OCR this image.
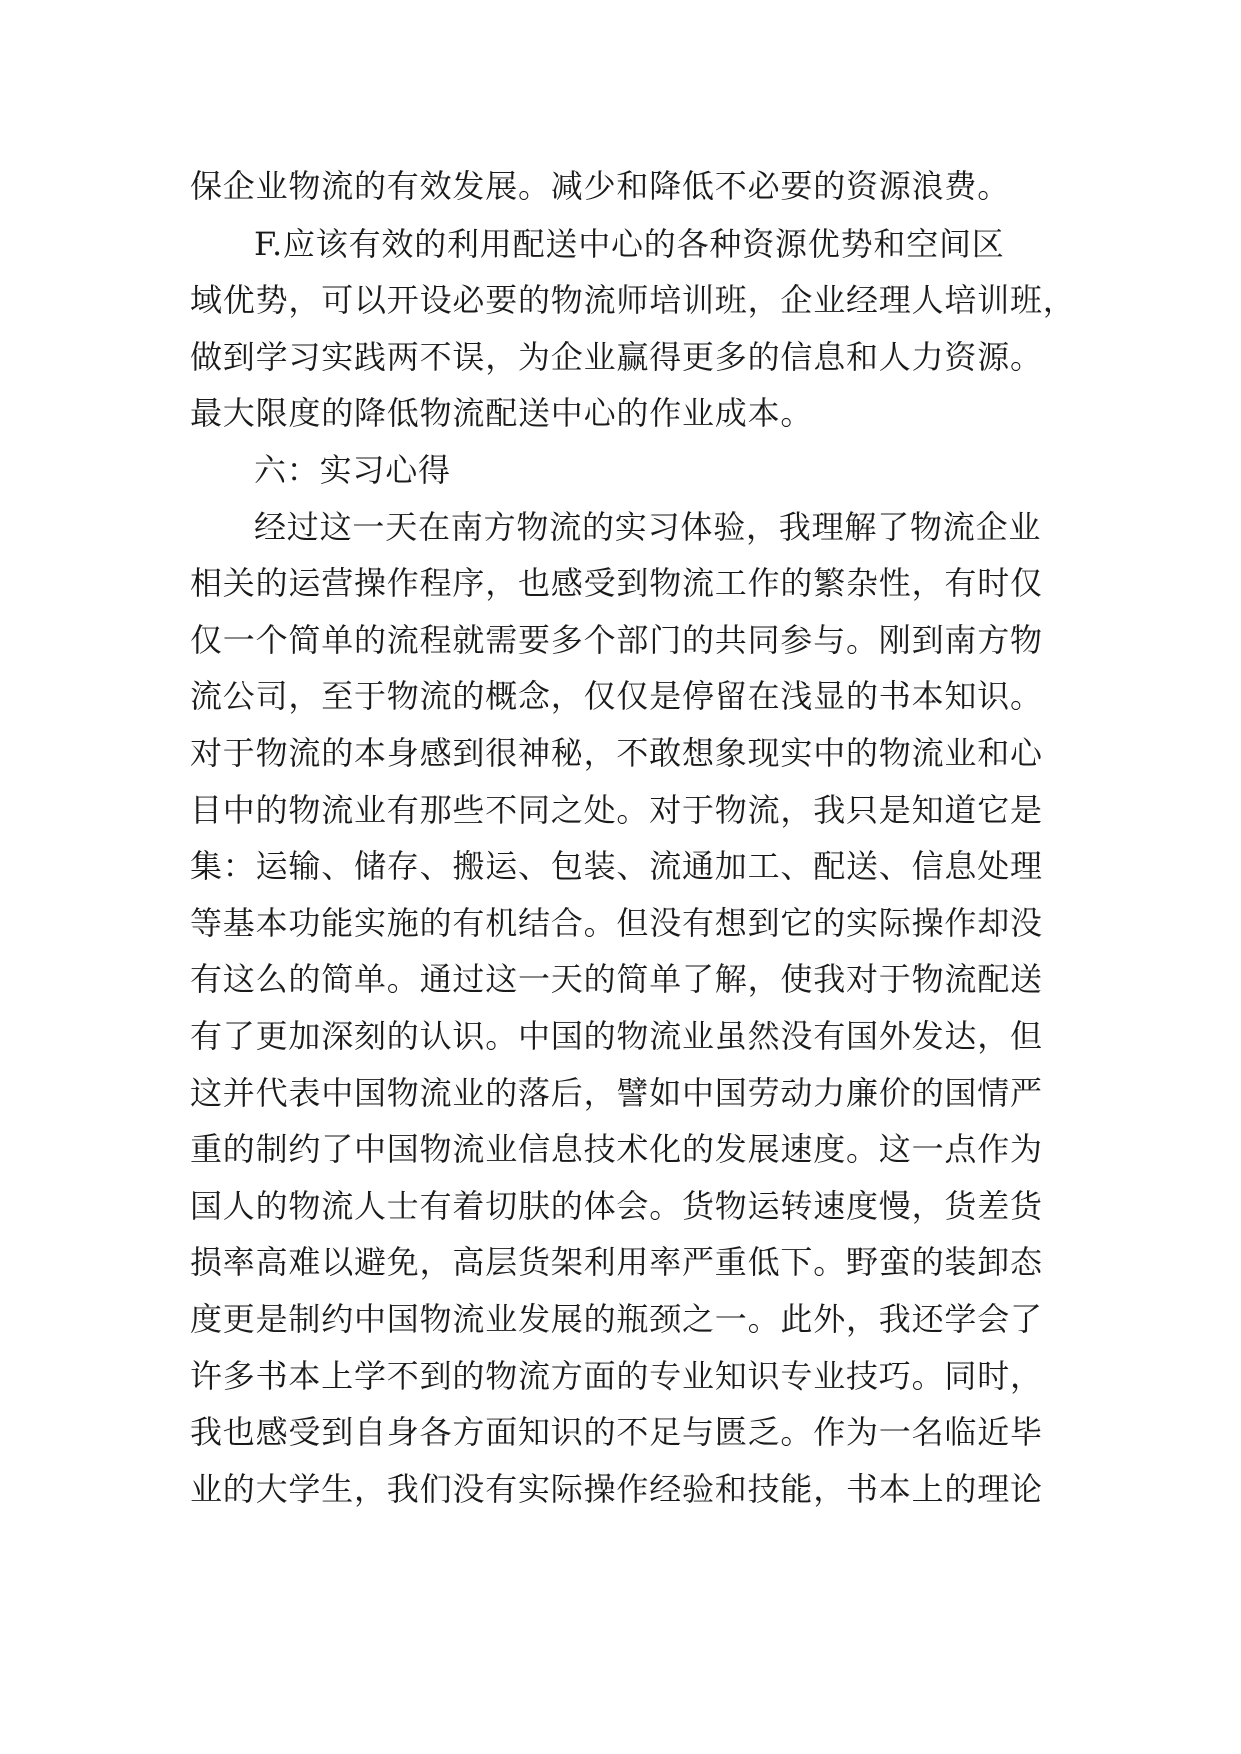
保企业物流的有效发展。减少和降低不必要的资源浪费。

F.应该有效的利用配送中心的各种资源优势和空间区

域优势，可以开设必要的物流师培训班，企业经理人培训班，

做到学习实践两不误，为企业赢得更多的信息和人力资源。

最大限度的降低物流配送中心的作业成本。

六：实习心得

经过这一天在南方物流的实习体验，我理解了物流企业

相关的运营操作程序，也感受到物流工作的繁杂性，有时仅

仅一个简单的流程就需要多个部门的共同参与。刚到南方物

流公司，至于物流的概念，仅仅是停留在浅显的书本知识。

对于物流的本身感到很神秘，不敢想象现实中的物流业和心

目中的物流业有那些不同之处。对于物流，我只是知道它是

集：运输、储存、搬运、包装、流通加工、配送、信息处理

等基本功能实施的有机结合。但没有想到它的实际操作却没

有这么的简单。通过这一天的简单了解，使我对于物流配送

有了更加深刻的认识。中国的物流业虽然没有国外发达，但

这并代表中国物流业的落后，譬如中国劳动力廉价的国情严

重的制约了中国物流业信息技术化的发展速度。这一点作为

国人的物流人士有着切肤的体会。货物运转速度慢，货差货

损率高难以避免，高层货架利用率严重低下。野蛮的装卸态

度更是制约中国物流业发展的瓶颈之一。此外，我还学会了

许多书本上学不到的物流方面的专业知识专业技巧。同时，

我也感受到自身各方面知识的不足与匮乏。作为一名临近毕

业的大学生，我们没有实际操作经验和技能，书本上的理论
